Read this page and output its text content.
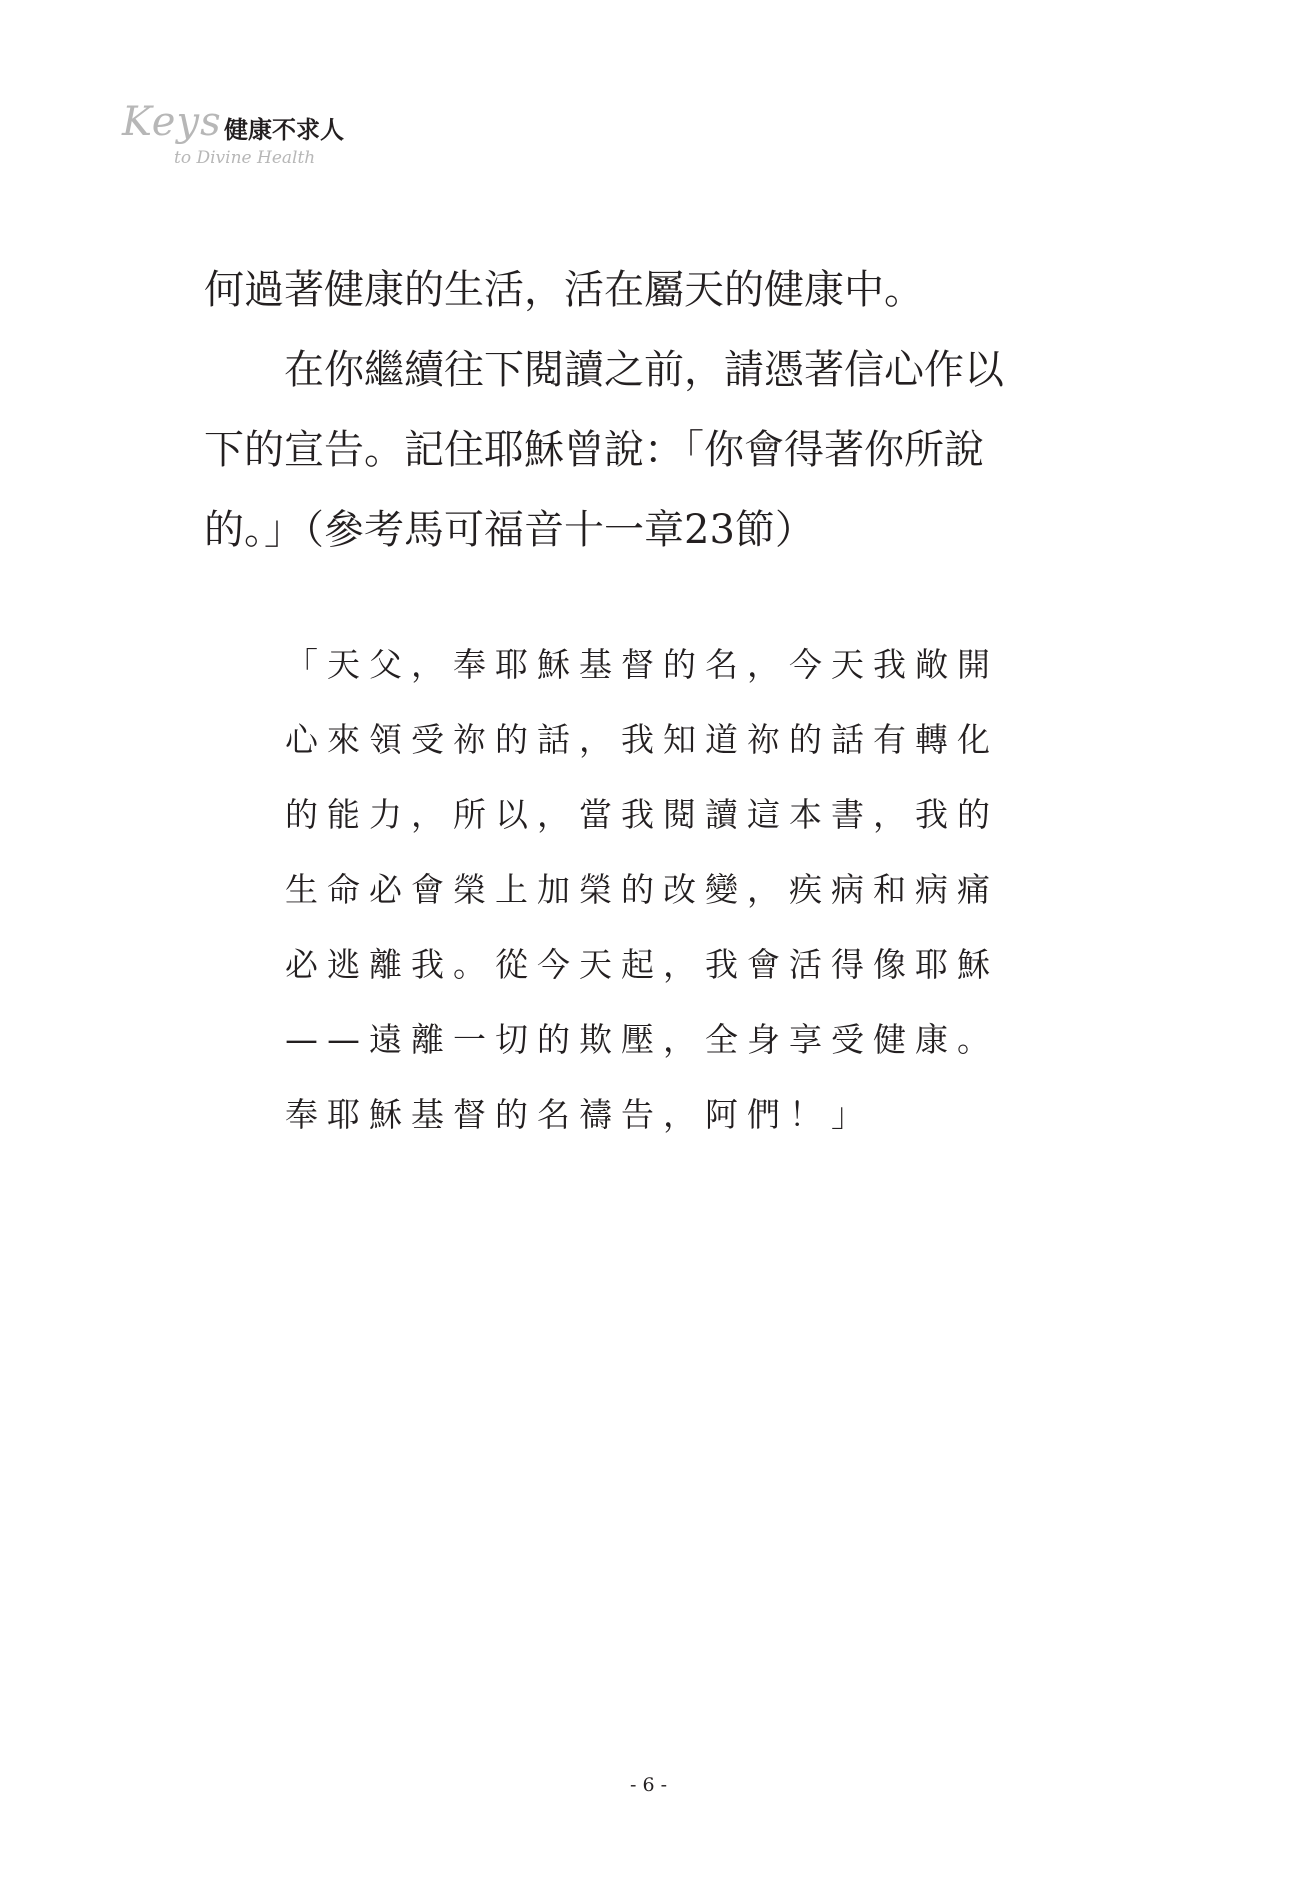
Keys 健康不求人
to Divine Health
何過著健康的生活，活在屬天的健康中。
在你繼續往下閱讀之前，請憑著信心作以
下的宣告。記住耶穌曾說：「你會得著你所說
的。」（參考馬可福音十一章23節）
「天父，奉耶穌基督的名，今天我敞開
心來領受祢的話，我知道祢的話有轉化
的能力，所以，當我閱讀這本書，我的
生命必會榮上加榮的改變，疾病和病痛
必逃離我。從今天起，我會活得像耶穌
——遠離一切的欺壓，全身享受健康。
奉耶穌基督的名禱告，阿們！」
- 6 -
